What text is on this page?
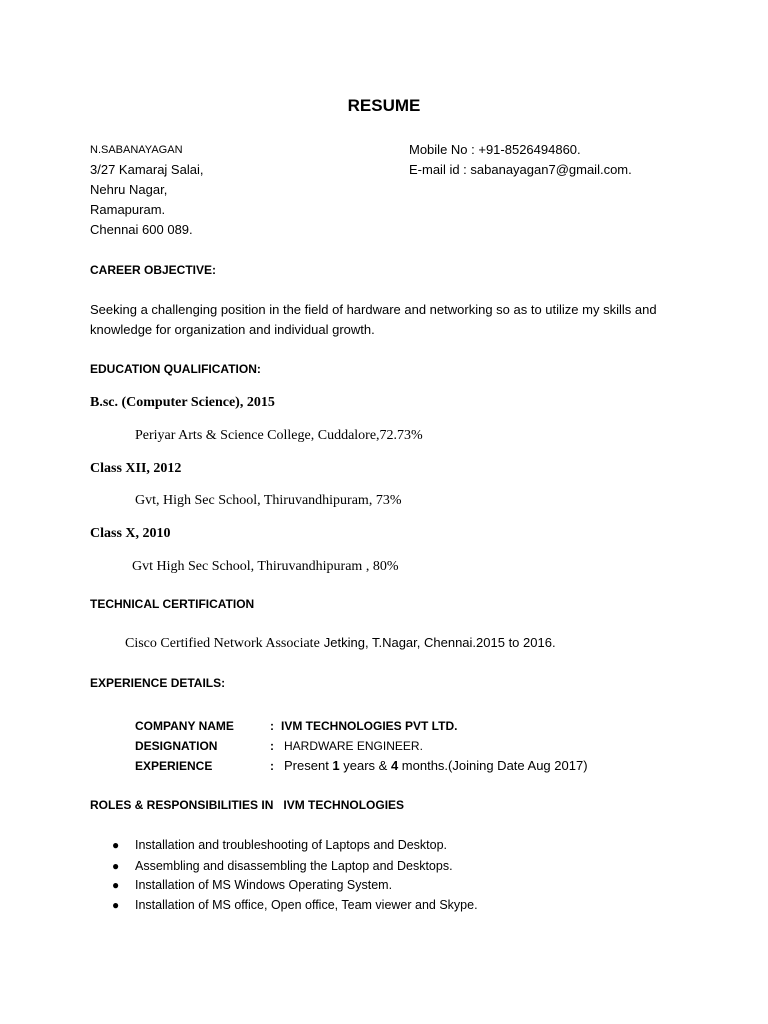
RESUME
N.SABANAYAGAN
3/27 Kamaraj Salai,
Nehru Nagar,
Ramapuram.
Chennai 600 089.
Mobile No : +91-8526494860.
E-mail id : sabanayagan7@gmail.com.
CAREER OBJECTIVE:
Seeking a challenging position in the field of hardware and networking so as to utilize my skills and knowledge for organization and individual growth.
EDUCATION QUALIFICATION:
B.sc. (Computer Science), 2015
Periyar Arts & Science College, Cuddalore,72.73%
Class XII, 2012
Gvt, High Sec School, Thiruvandhipuram, 73%
Class X, 2010
Gvt High Sec School, Thiruvandhipuram , 80%
TECHNICAL CERTIFICATION
Cisco Certified Network Associate Jetking, T.Nagar, Chennai.2015 to 2016.
EXPERIENCE DETAILS:
COMPANY NAME	: IVM TECHNOLOGIES PVT LTD.
DESIGNATION	: HARDWARE ENGINEER.
EXPERIENCE	: Present 1 years & 4 months.(Joining Date Aug 2017)
ROLES & RESPONSIBILITIES IN   IVM TECHNOLOGIES
● Installation and troubleshooting of Laptops and Desktop.
● Assembling and disassembling the Laptop and Desktops.
● Installation of MS Windows Operating System.
● Installation of MS office, Open office, Team viewer and Skype.
